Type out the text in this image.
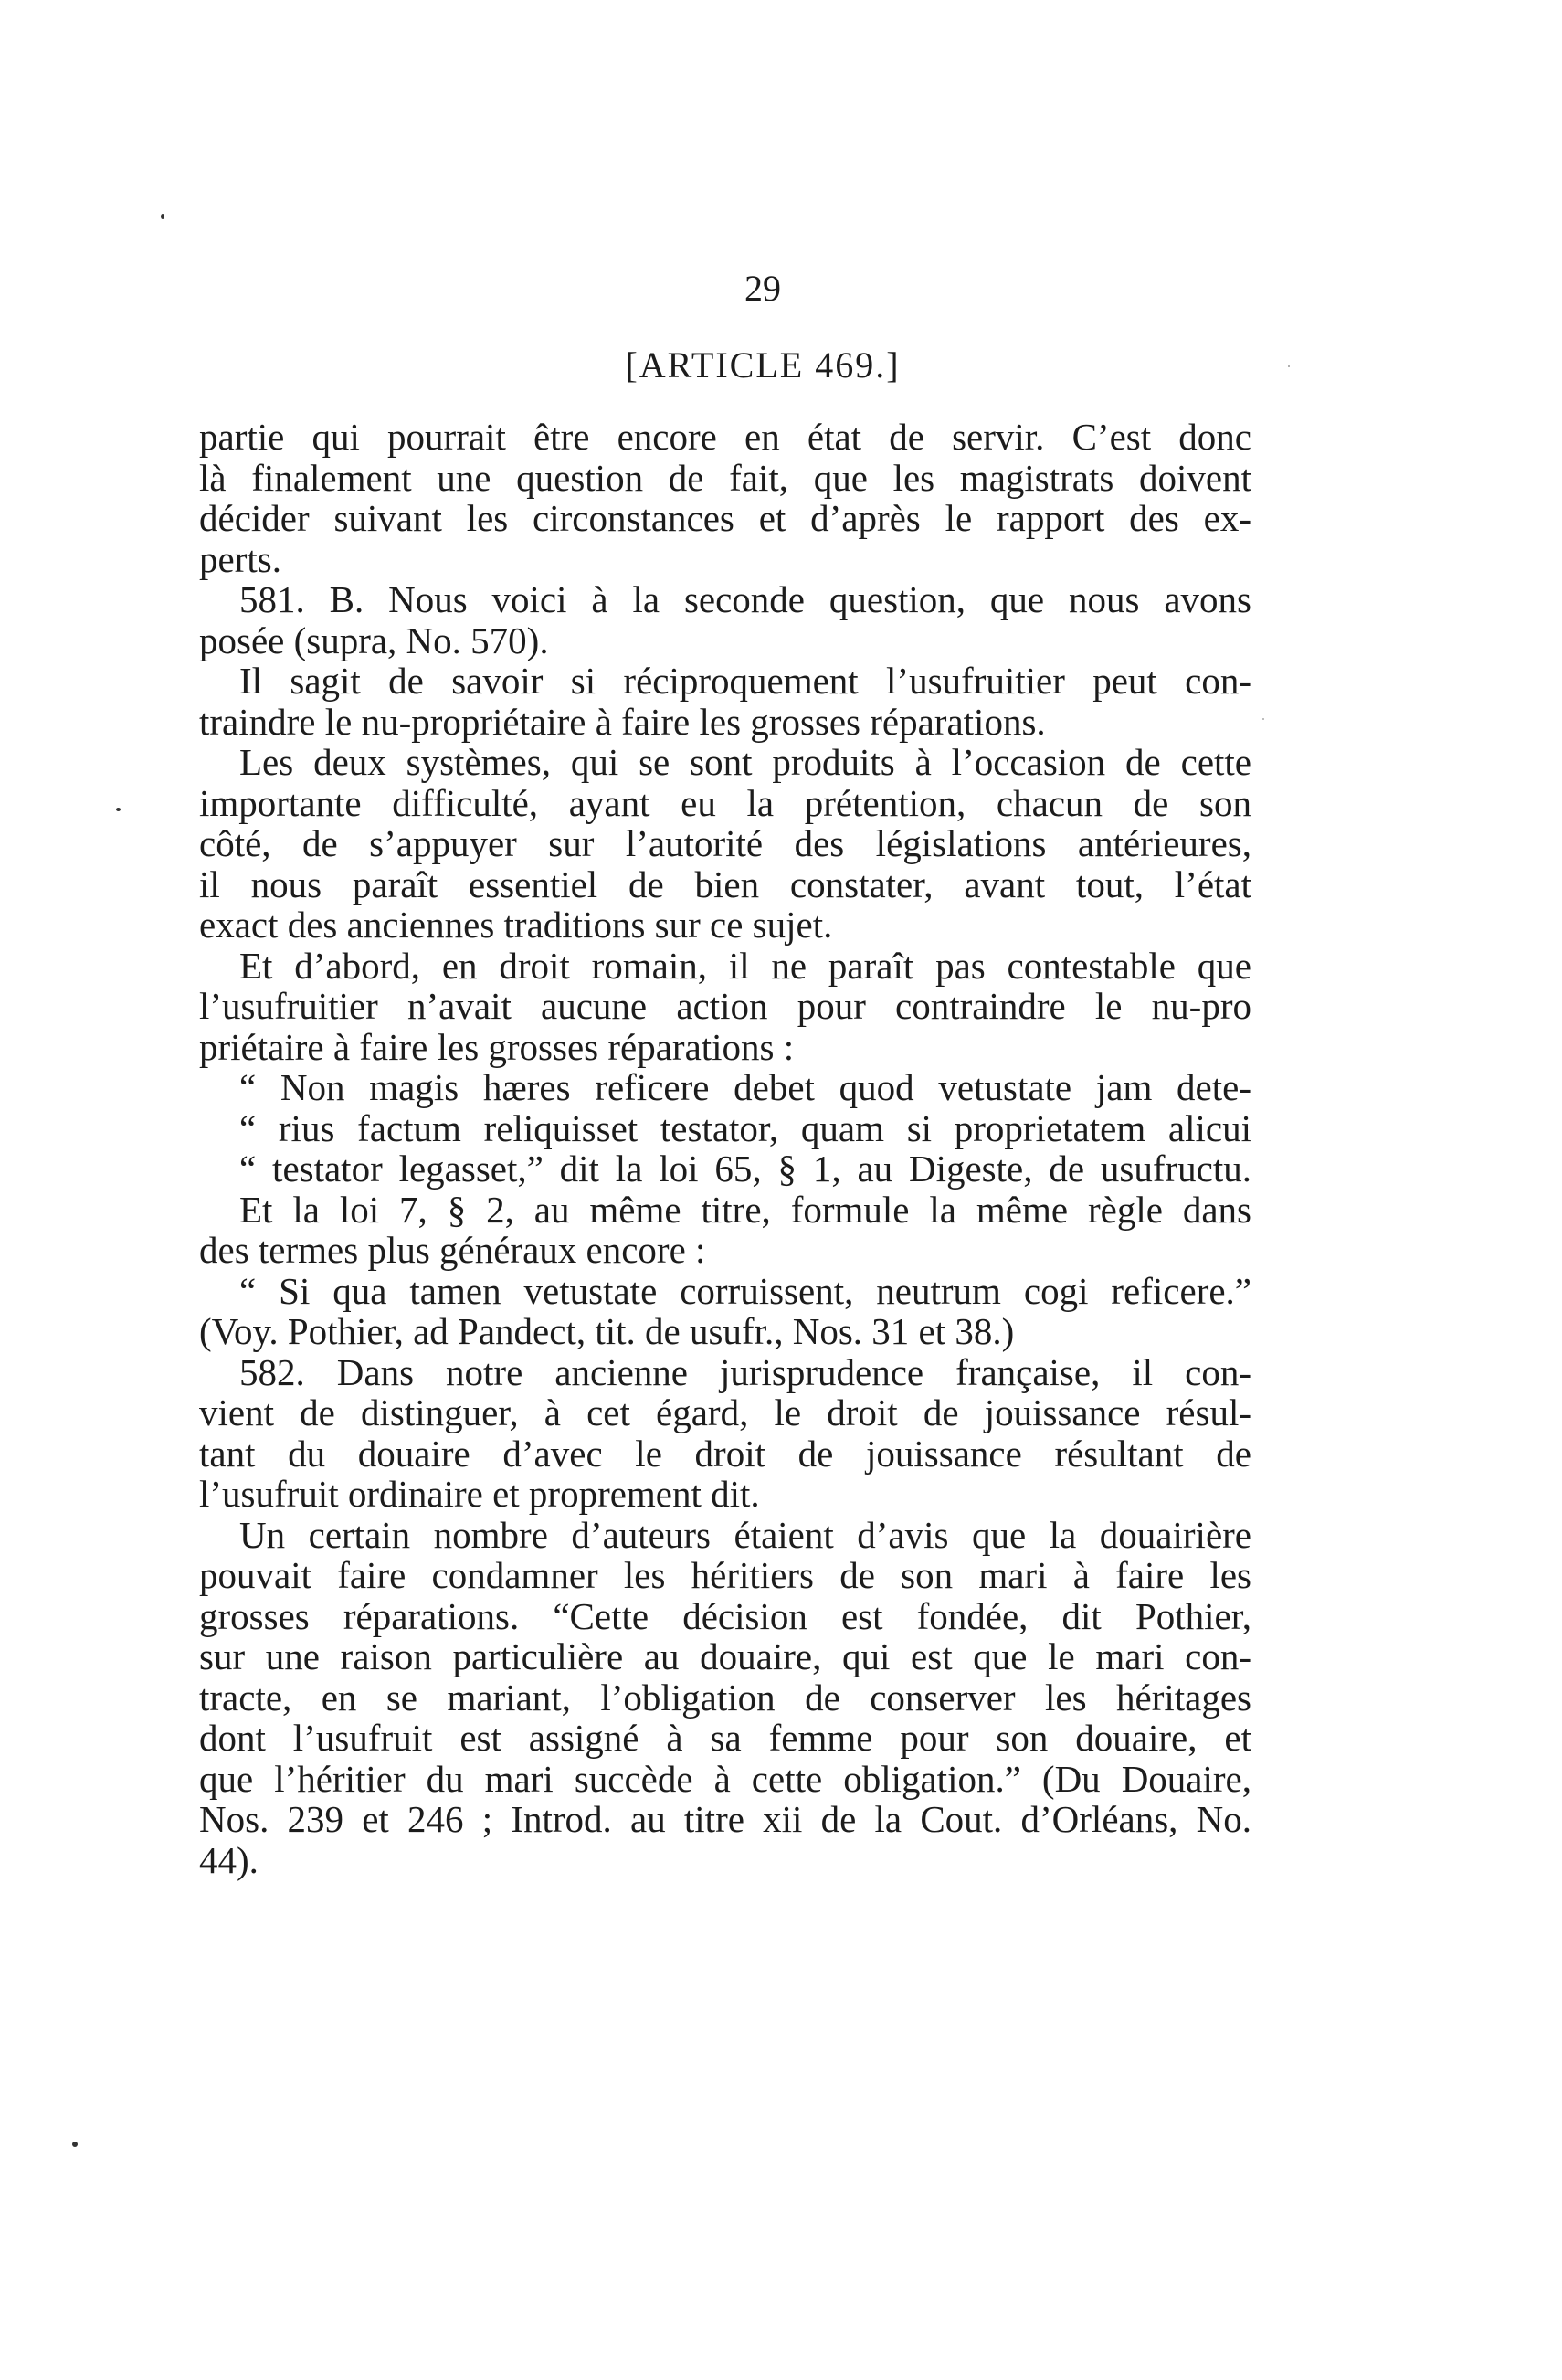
29
[ARTICLE 469.]
partie qui pourrait être encore en état de servir. C’est donc
là finalement une question de fait, que les magistrats doivent
décider suivant les circonstances et d’après le rapport des ex-
perts.
581. B. Nous voici à la seconde question, que nous avons
posée (supra, No. 570).
Il sagit de savoir si réciproquement l’usufruitier peut con-
traindre le nu-propriétaire à faire les grosses réparations.
Les deux systèmes, qui se sont produits à l’occasion de cette
importante difficulté, ayant eu la prétention, chacun de son
côté, de s’appuyer sur l’autorité des législations antérieures,
il nous paraît essentiel de bien constater, avant tout, l’état
exact des anciennes traditions sur ce sujet.
Et d’abord, en droit romain, il ne paraît pas contestable que
l’usufruitier n’avait aucune action pour contraindre le nu-pro
priétaire à faire les grosses réparations :
“ Non magis hæres reficere debet quod vetustate jam dete-
“ rius factum reliquisset testator, quam si proprietatem alicui
“ testator legasset,” dit la loi 65, § 1, au Digeste, de usufructu.
Et la loi 7, § 2, au même titre, formule la même règle dans
des termes plus généraux encore :
“ Si qua tamen vetustate corruissent, neutrum cogi reficere.”
(Voy. Pothier, ad Pandect, tit. de usufr., Nos. 31 et 38.)
582. Dans notre ancienne jurisprudence française, il con-
vient de distinguer, à cet égard, le droit de jouissance résul-
tant du douaire d’avec le droit de jouissance résultant de
l’usufruit ordinaire et proprement dit.
Un certain nombre d’auteurs étaient d’avis que la douairière
pouvait faire condamner les héritiers de son mari à faire les
grosses réparations. “Cette décision est fondée, dit Pothier,
sur une raison particulière au douaire, qui est que le mari con-
tracte, en se mariant, l’obligation de conserver les héritages
dont l’usufruit est assigné à sa femme pour son douaire, et
que l’héritier du mari succède à cette obligation.” (Du Douaire,
Nos. 239 et 246 ; Introd. au titre xii de la Cout. d’Orléans, No.
44).
